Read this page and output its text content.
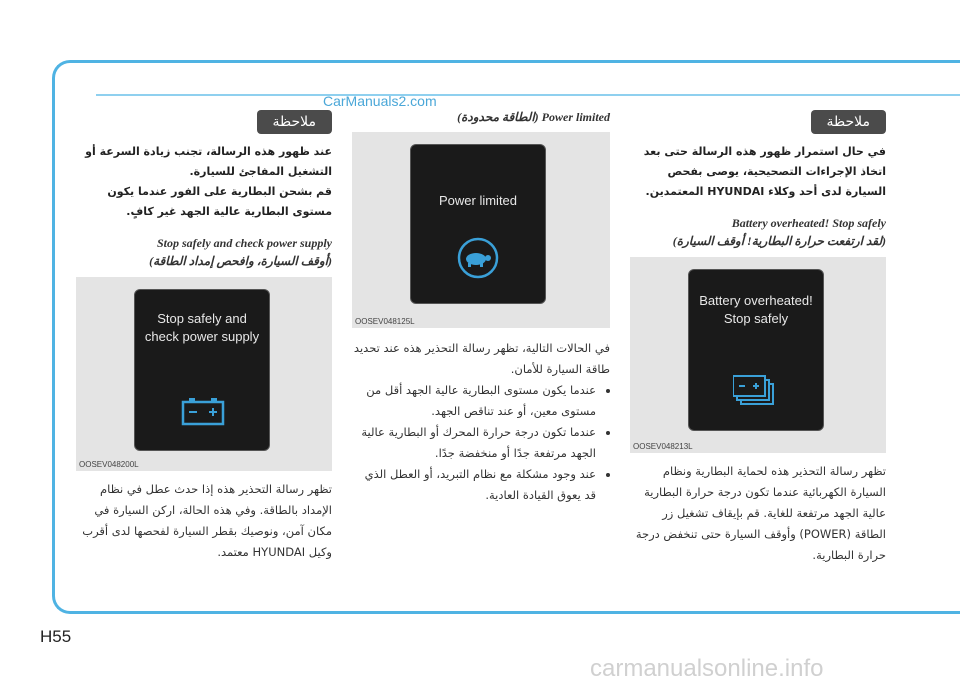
CarManuals2.com
ملاحظة

في حال استمرار ظهور هذه الرسالة حتى بعد اتخاذ الإجراءات التصحيحية، يوصى بفحص السيارة لدى أحد وكلاء HYUNDAI المعتمدين.

Battery overheated! Stop safely
(لقد ارتفعت حرارة البطارية! أوقف السيارة)
Battery overheated! Stop safely
OOSEV048213L

تظهر رسالة التحذير هذه لحماية البطارية ونظام السيارة الكهربائية عندما تكون درجة حرارة البطارية عالية الجهد مرتفعة للغاية. قم بإيقاف تشغيل زر الطاقة (POWER) وأوقف السيارة حتى تنخفض درجة حرارة البطارية.

Power limited (الطاقة محدودة)
Power limited
OOSEV048125L

في الحالات التالية، تظهر رسالة التحذير هذه عند تحديد طاقة السيارة للأمان.

• عندما يكون مستوى البطارية عالية الجهد أقل من مستوى معين، أو عند تناقص الجهد.
• عندما تكون درجة حرارة المحرك أو البطارية عالية الجهد مرتفعة جدًا أو منخفضة جدًا.
• عند وجود مشكلة مع نظام التبريد، أو العطل الذي قد يعوق القيادة العادية.
ملاحظة

عند ظهور هذه الرسالة، تجنب زيادة السرعة أو التشغيل المفاجئ للسيارة.

قم بشحن البطارية على الفور عندما يكون مستوى البطارية عالية الجهد غير كافٍ.

Stop safely and check power supply
(أوقف السيارة، وافحص إمداد الطاقة)
Stop safely and check power supply
OOSEV048200L

تظهر رسالة التحذير هذه إذا حدث عطل في نظام الإمداد بالطاقة. وفي هذه الحالة، اركن السيارة في مكان آمن، ونوصيك بقطر السيارة لفحصها لدى أقرب وكيل HYUNDAI معتمد.

H55
carmanualsonline.info
